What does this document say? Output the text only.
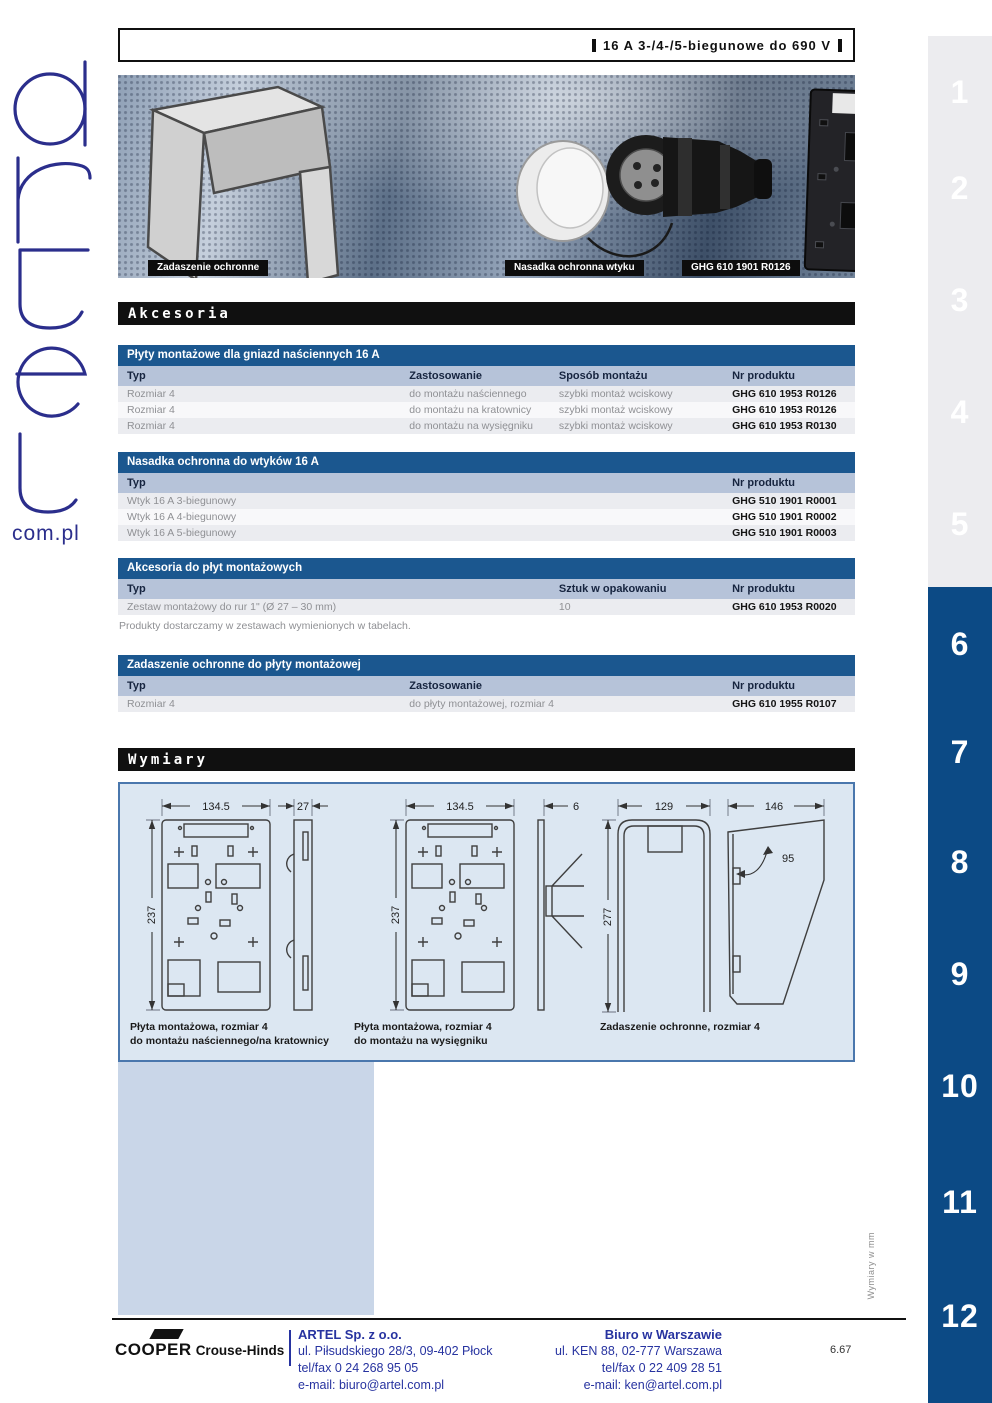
com.pl
16 A 3-/4-/5-biegunowe do 690 V
Zadaszenie ochronne	Nasadka ochronna wtyku	GHG 610 1901 R0126
Akcesoria
Płyty montażowe dla gniazd naściennych 16 A
Typ	Zastosowanie	Sposób montażu	Nr produktu
Rozmiar 4	do montażu naściennego	szybki montaż wciskowy	GHG 610 1953 R0126
Rozmiar 4	do montażu na kratownicy	szybki montaż wciskowy	GHG 610 1953 R0126
Rozmiar 4	do montażu na wysięgniku	szybki montaż wciskowy	GHG 610 1953 R0130
Nasadka ochronna do wtyków 16 A
Typ	Nr produktu
Wtyk 16 A 3-biegunowy	GHG 510 1901 R0001
Wtyk 16 A 4-biegunowy	GHG 510 1901 R0002
Wtyk 16 A 5-biegunowy	GHG 510 1901 R0003
Akcesoria do płyt montażowych
Typ	Sztuk w opakowaniu	Nr produktu
Zestaw montażowy do rur 1" (Ø 27 – 30 mm)	10	GHG 610 1953 R0020
Produkty dostarczamy w zestawach wymienionych w tabelach.
Zadaszenie ochronne do płyty montażowej
Typ	Zastosowanie	Nr produktu
Rozmiar 4	do płyty montażowej, rozmiar 4	GHG 610 1955 R0107
Wymiary
134.5	27
237
134.5	6
237
129	146
95
277
Płyta montażowa, rozmiar 4
do montażu naściennego/na kratownicy
Płyta montażowa, rozmiar 4
do montażu na wysięgniku
Zadaszenie ochronne, rozmiar 4
Wymiary w mm
1
2
3
4
5
6
7
8
9
10
11
12
COOPER Crouse-Hinds
ARTEL Sp. z o.o.
ul. Piłsudskiego 28/3, 09-402 Płock
tel/fax 0 24 268 95 05
e-mail: biuro@artel.com.pl
Biuro w Warszawie
ul. KEN 88, 02-777 Warszawa
tel/fax 0 22 409 28 51
e-mail: ken@artel.com.pl
6.67
